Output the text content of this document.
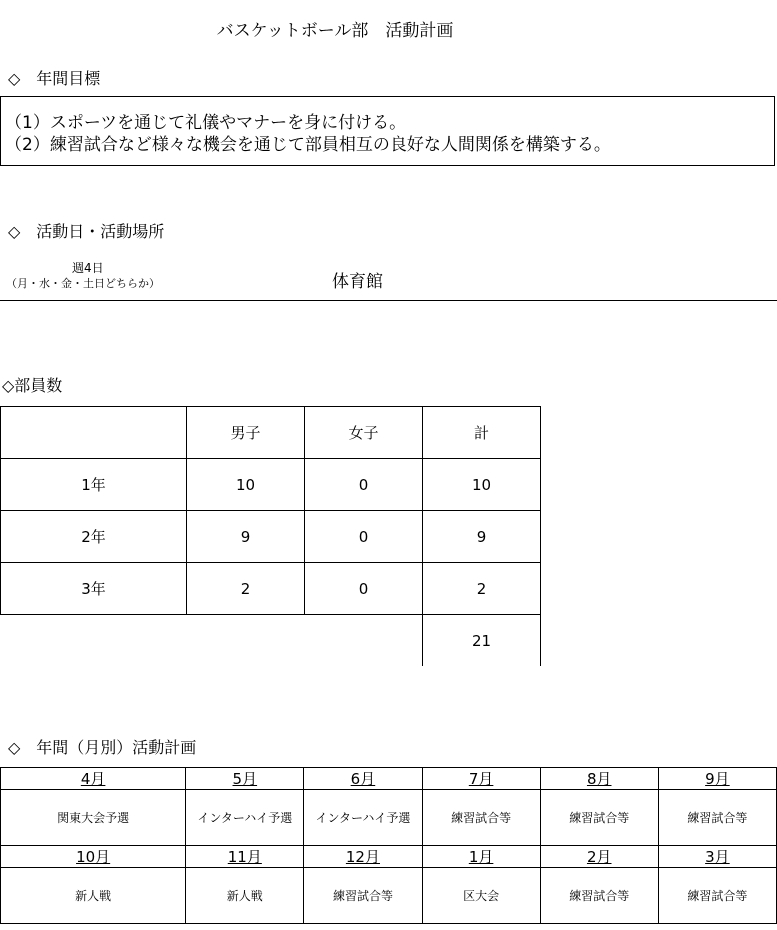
バスケットボール部　活動計画
◇　年間目標
（1）スポーツを通じて礼儀やマナーを身に付ける。
（2）練習試合など様々な機会を通じて部員相互の良好な人間関係を構築する。
◇　活動日・活動場所
週4日
（月・水・金・土日どちらか）	体育館
◇部員数
	男子	女子	計
1年	10	0	10
2年	9	0	9
3年	2	0	2
			21
◇　年間（月別）活動計画
4月	5月	6月	7月	8月	9月
関東大会予選	インターハイ予選	インターハイ予選	練習試合等	練習試合等	練習試合等
10月	11月	12月	1月	2月	3月
新人戦	新人戦	練習試合等	区大会	練習試合等	練習試合等
